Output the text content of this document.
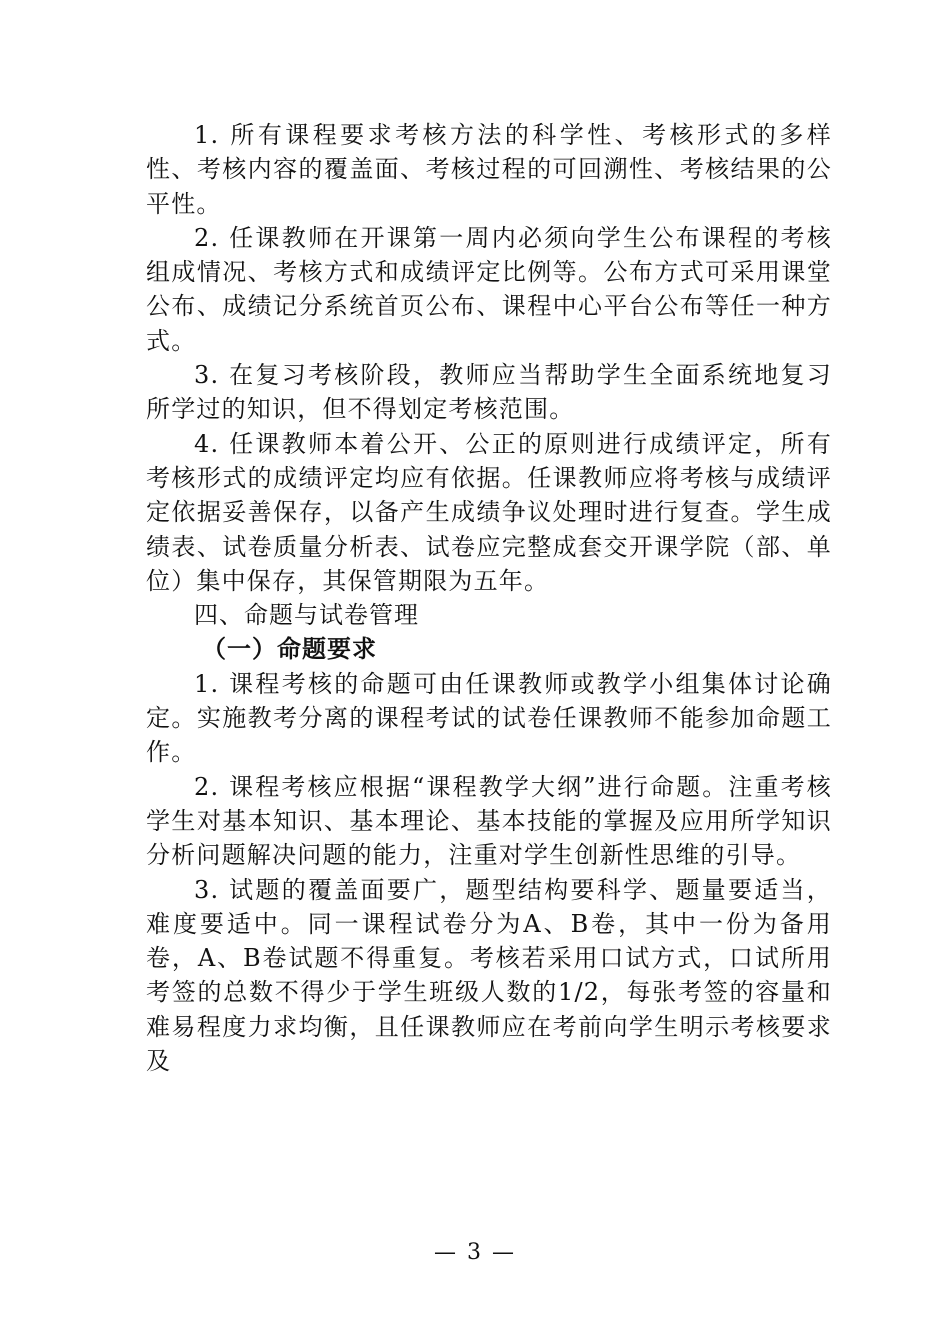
1. 所有课程要求考核方法的科学性、考核形式的多样性、考核内容的覆盖面、考核过程的可回溯性、考核结果的公平性。

2. 任课教师在开课第一周内必须向学生公布课程的考核组成情况、考核方式和成绩评定比例等。公布方式可采用课堂公布、成绩记分系统首页公布、课程中心平台公布等任一种方式。

3. 在复习考核阶段，教师应当帮助学生全面系统地复习所学过的知识，但不得划定考核范围。

4. 任课教师本着公开、公正的原则进行成绩评定，所有考核形式的成绩评定均应有依据。任课教师应将考核与成绩评定依据妥善保存，以备产生成绩争议处理时进行复查。学生成绩表、试卷质量分析表、试卷应完整成套交开课学院（部、单位）集中保存，其保管期限为五年。

四、命题与试卷管理

（一）命题要求

1. 课程考核的命题可由任课教师或教学小组集体讨论确定。实施教考分离的课程考试的试卷任课教师不能参加命题工作。

2. 课程考核应根据“课程教学大纲”进行命题。注重考核学生对基本知识、基本理论、基本技能的掌握及应用所学知识分析问题解决问题的能力，注重对学生创新性思维的引导。

3. 试题的覆盖面要广，题型结构要科学、题量要适当，难度要适中。同一课程试卷分为A、B卷，其中一份为备用卷，A、B卷试题不得重复。考核若采用口试方式，口试所用考签的总数不得少于学生班级人数的1/2，每张考签的容量和难易程度力求均衡，且任课教师应在考前向学生明示考核要求及

— 3 —
